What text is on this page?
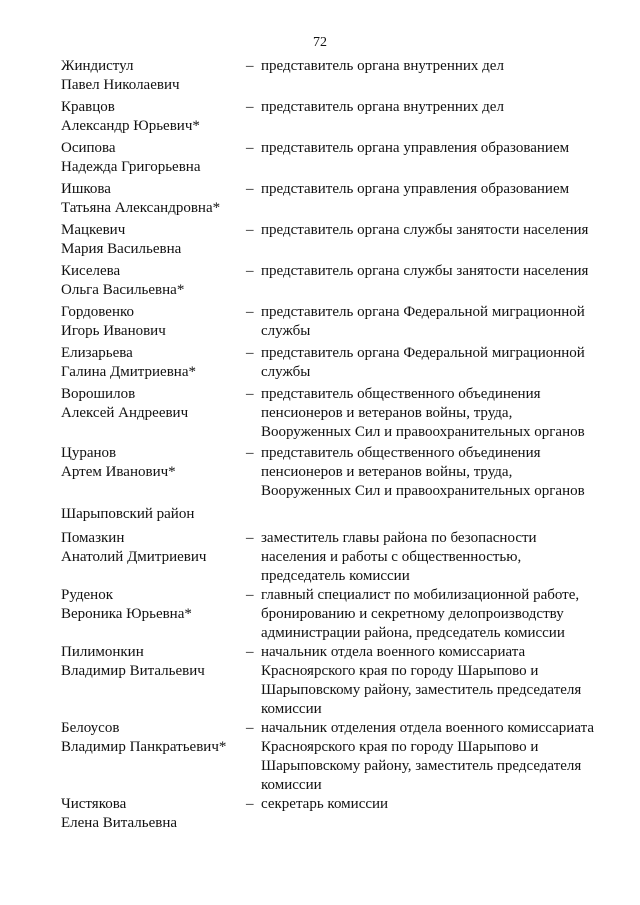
72
Жиндистул
Павел Николаевич
– представитель органа внутренних дел
Кравцов
Александр Юрьевич*
– представитель органа внутренних дел
Осипова
Надежда Григорьевна
– представитель органа управления образованием
Ишкова
Татьяна Александровна*
– представитель органа управления образованием
Мацкевич
Мария Васильевна
– представитель органа службы занятости населения
Киселева
Ольга Васильевна*
– представитель органа службы занятости населения
Гордовенко
Игорь Иванович
– представитель органа Федеральной миграционной
службы
Елизарьева
Галина Дмитриевна*
– представитель органа Федеральной миграционной
службы
Ворошилов
Алексей Андреевич
– представитель общественного объединения
пенсионеров и ветеранов войны, труда,
Вооруженных Сил и правоохранительных органов
Цуранов
Артем Иванович*
– представитель общественного объединения
пенсионеров и ветеранов войны, труда,
Вооруженных Сил и правоохранительных органов
Шарыповский район
Помазкин
Анатолий Дмитриевич
– заместитель главы района по безопасности
населения и работы с общественностью,
председатель комиссии
Руденок
Вероника Юрьевна*
– главный специалист по мобилизационной работе,
бронированию и секретному делопроизводству
администрации района, председатель комиссии
Пилимонкин
Владимир Витальевич
– начальник отдела военного комиссариата
Красноярского края по городу Шарыпово и
Шарыповскому району, заместитель председателя
комиссии
Белоусов
Владимир Панкратьевич*
– начальник отделения отдела военного комиссариата
Красноярского края по городу Шарыпово и
Шарыповскому району, заместитель председателя
комиссии
Чистякова
Елена Витальевна
– секретарь комиссии
